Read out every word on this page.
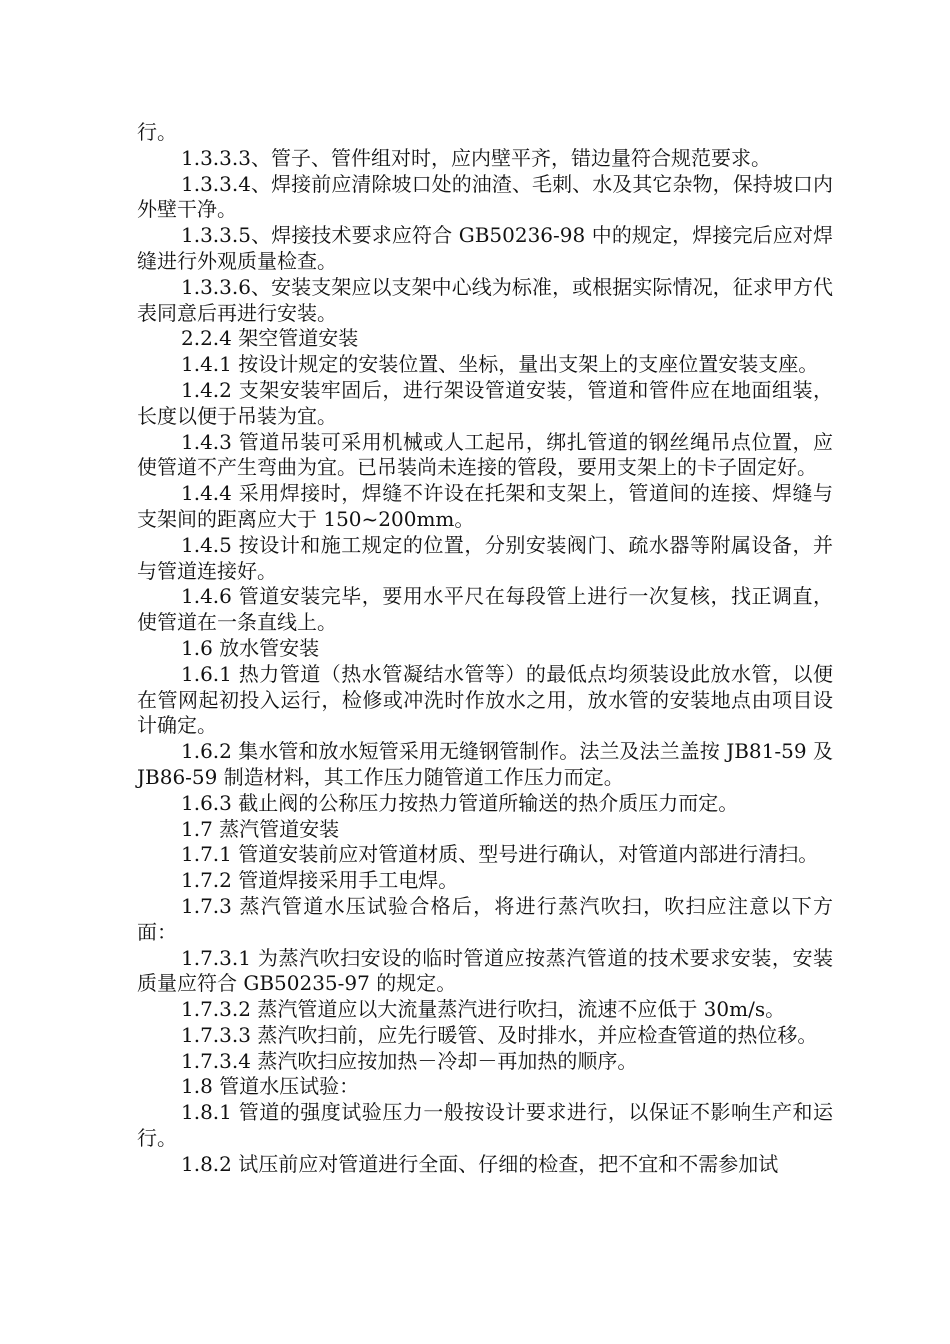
行。

1.3.3.3、管子、管件组对时，应内壁平齐，错边量符合规范要求。

1.3.3.4、焊接前应清除坡口处的油渣、毛刺、水及其它杂物，保持坡口内外壁干净。

1.3.3.5、焊接技术要求应符合 GB50236-98 中的规定，焊接完后应对焊缝进行外观质量检查。

1.3.3.6、安装支架应以支架中心线为标准，或根据实际情况，征求甲方代表同意后再进行安装。

2.2.4 架空管道安装

1.4.1 按设计规定的安装位置、坐标，量出支架上的支座位置安装支座。

1.4.2 支架安装牢固后，进行架设管道安装，管道和管件应在地面组装，长度以便于吊装为宜。

1.4.3 管道吊装可采用机械或人工起吊，绑扎管道的钢丝绳吊点位置，应使管道不产生弯曲为宜。已吊装尚未连接的管段，要用支架上的卡子固定好。

1.4.4 采用焊接时，焊缝不许设在托架和支架上，管道间的连接、焊缝与支架间的距离应大于 150~200mm。

1.4.5 按设计和施工规定的位置，分别安装阀门、疏水器等附属设备，并与管道连接好。

1.4.6 管道安装完毕，要用水平尺在每段管上进行一次复核，找正调直，使管道在一条直线上。

1.6 放水管安装

1.6.1 热力管道（热水管凝结水管等）的最低点均须装设此放水管，以便在管网起初投入运行，检修或冲洗时作放水之用，放水管的安装地点由项目设计确定。

1.6.2 集水管和放水短管采用无缝钢管制作。法兰及法兰盖按 JB81-59 及 JB86-59 制造材料，其工作压力随管道工作压力而定。

1.6.3 截止阀的公称压力按热力管道所输送的热介质压力而定。

1.7 蒸汽管道安装

1.7.1 管道安装前应对管道材质、型号进行确认，对管道内部进行清扫。

1.7.2 管道焊接采用手工电焊。

1.7.3 蒸汽管道水压试验合格后，将进行蒸汽吹扫，吹扫应注意以下方面：

1.7.3.1 为蒸汽吹扫安设的临时管道应按蒸汽管道的技术要求安装，安装质量应符合 GB50235-97 的规定。

1.7.3.2 蒸汽管道应以大流量蒸汽进行吹扫，流速不应低于 30m/s。

1.7.3.3 蒸汽吹扫前，应先行暖管、及时排水，并应检查管道的热位移。

1.7.3.4 蒸汽吹扫应按加热－冷却－再加热的顺序。

1.8 管道水压试验：

1.8.1 管道的强度试验压力一般按设计要求进行，以保证不影响生产和运行。

1.8.2 试压前应对管道进行全面、仔细的检查，把不宜和不需参加试
